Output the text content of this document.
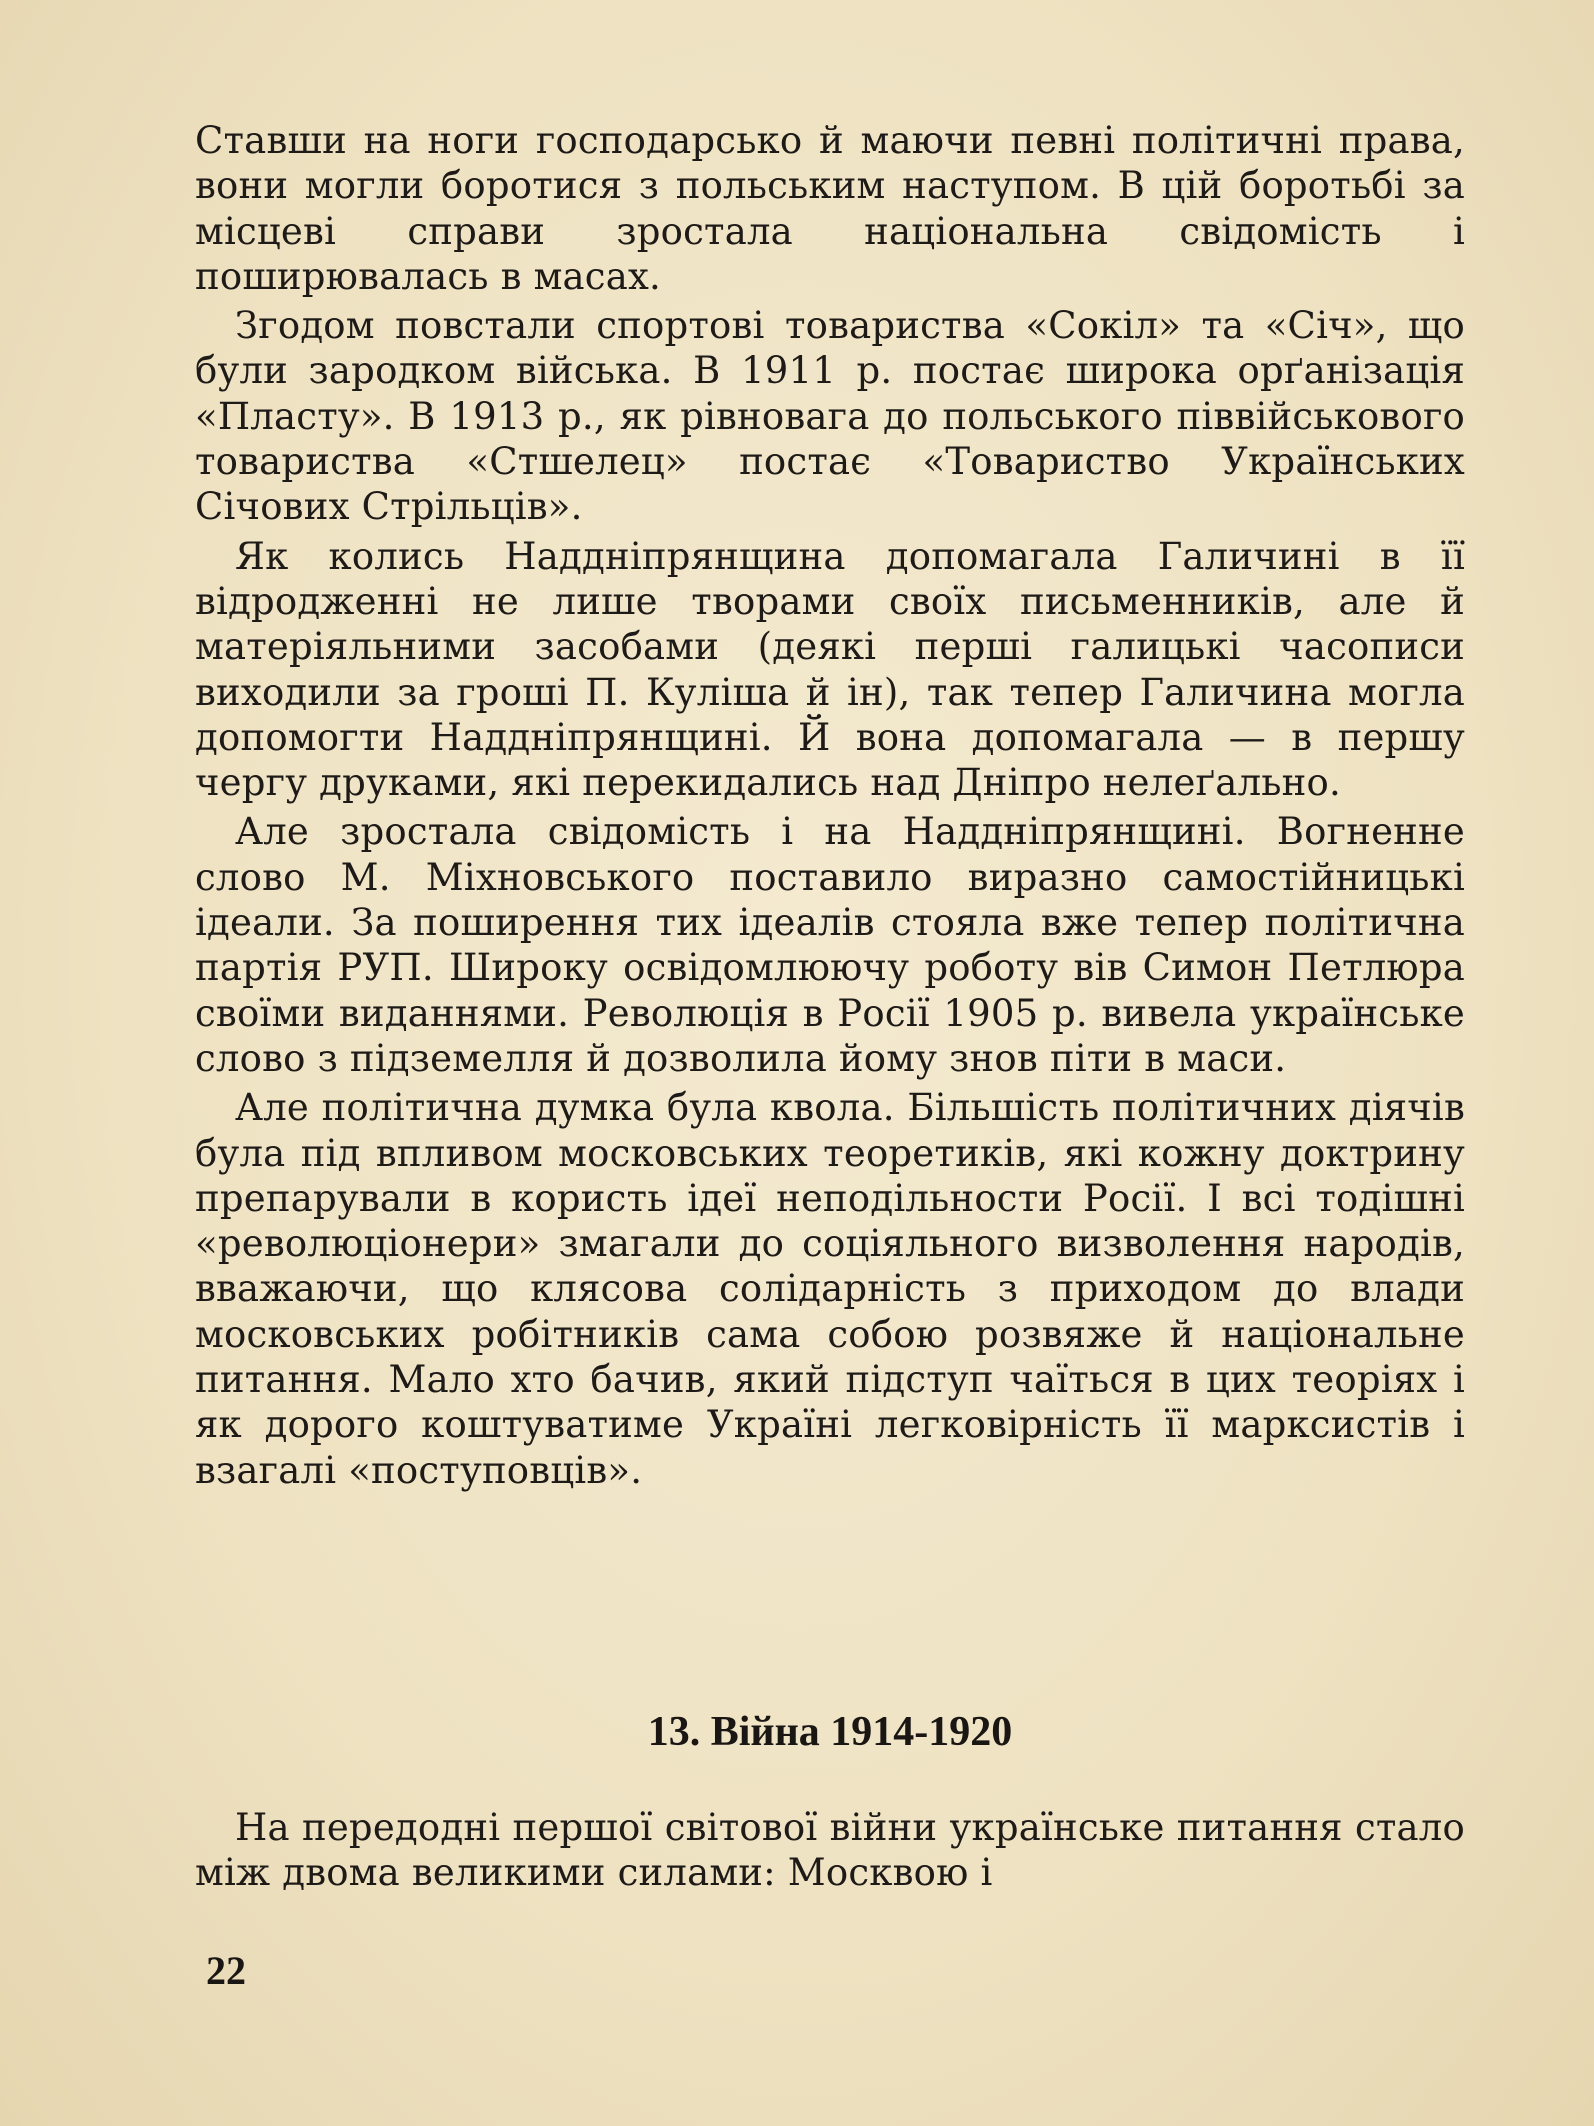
Ставши на ноги господарсько й маючи певні політичні права, вони могли боротися з польським наступом. В цій боротьбі за місцеві справи зростала національна свідомість і поширювалась в масах.

Згодом повстали спортові товариства «Сокіл» та «Січ», що були зародком війська. В 1911 р. постає широка орґанізація «Пласту». В 1913 р., як рівновага до польського піввійськового товариства «Стшелец» постає «Товариство Українських Січових Стрільців».

Як колись Наддніпрянщина допомагала Галичині в її відродженні не лише творами своїх письменників, але й матеріяльними засобами (деякі перші галицькі часописи виходили за гроші П. Куліша й ін), так тепер Галичина могла допомогти Наддніпрянщині. Й вона допомагала — в першу чергу друками, які перекидались над Дніпро нелеґально.

Але зростала свідомість і на Наддніпрянщині. Вогненне слово М. Міхновського поставило виразно самостійницькі ідеали. За поширення тих ідеалів стояла вже тепер політична партія РУП. Широку освідомлюючу роботу вів Симон Петлюра своїми виданнями. Революція в Росії 1905 р. вивела українське слово з підземелля й дозволила йому знов піти в маси.

Але політична думка була квола. Більшість політичних діячів була під впливом московських теоретиків, які кожну доктрину препарували в користь ідеї неподільности Росії. І всі тодішні «революціонери» змагали до соціяльного визволення народів, вважаючи, що клясова солідарність з приходом до влади московських робітників сама собою розвяже й національне питання. Мало хто бачив, який підступ чаїться в цих теоріях і як дорого коштуватиме Україні легковірність її марксистів і взагалі «поступовців».

13. Війна 1914-1920

На передодні першої світової війни українське питання стало між двома великими силами: Москвою і

22
